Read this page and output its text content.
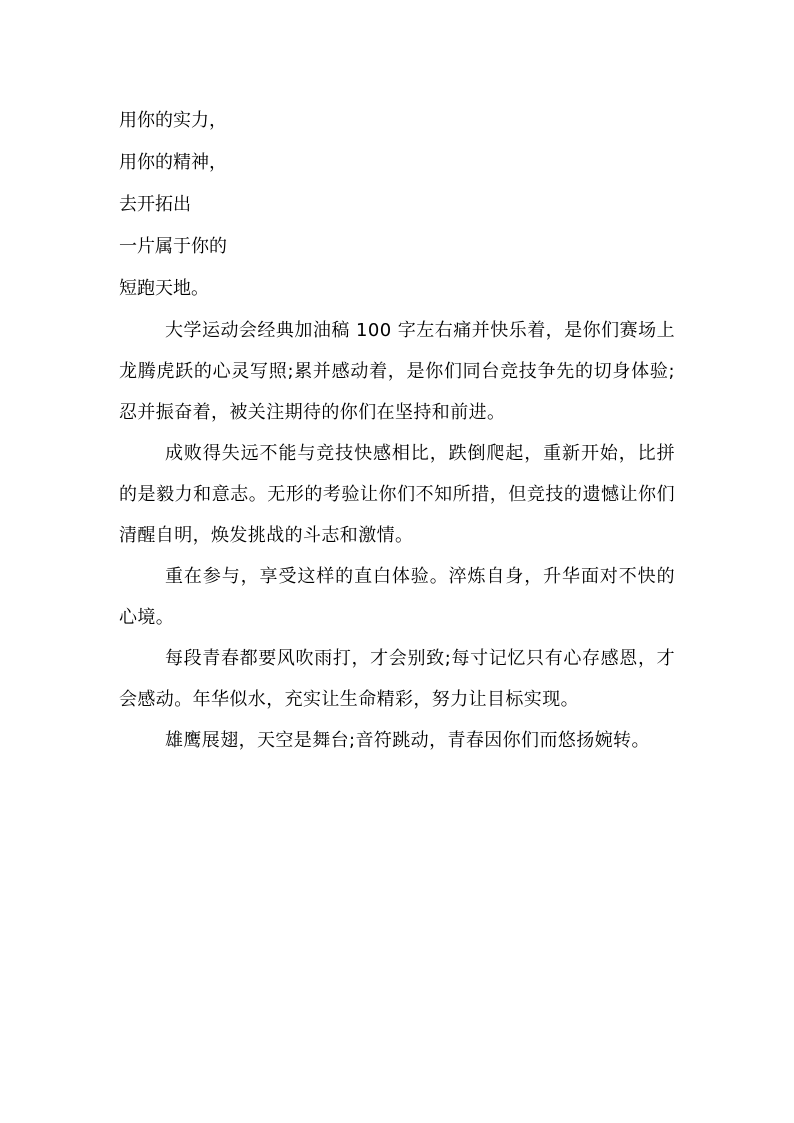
用你的实力，

用你的精神，

去开拓出

一片属于你的

短跑天地。

大学运动会经典加油稿 100 字左右痛并快乐着，是你们赛场上龙腾虎跃的心灵写照;累并感动着，是你们同台竞技争先的切身体验;忍并振奋着，被关注期待的你们在坚持和前进。

成败得失远不能与竞技快感相比，跌倒爬起，重新开始，比拼的是毅力和意志。无形的考验让你们不知所措，但竞技的遗憾让你们清醒自明，焕发挑战的斗志和激情。

重在参与，享受这样的直白体验。淬炼自身，升华面对不快的心境。

每段青春都要风吹雨打，才会别致;每寸记忆只有心存感恩，才会感动。年华似水，充实让生命精彩，努力让目标实现。

雄鹰展翅，天空是舞台;音符跳动，青春因你们而悠扬婉转。
